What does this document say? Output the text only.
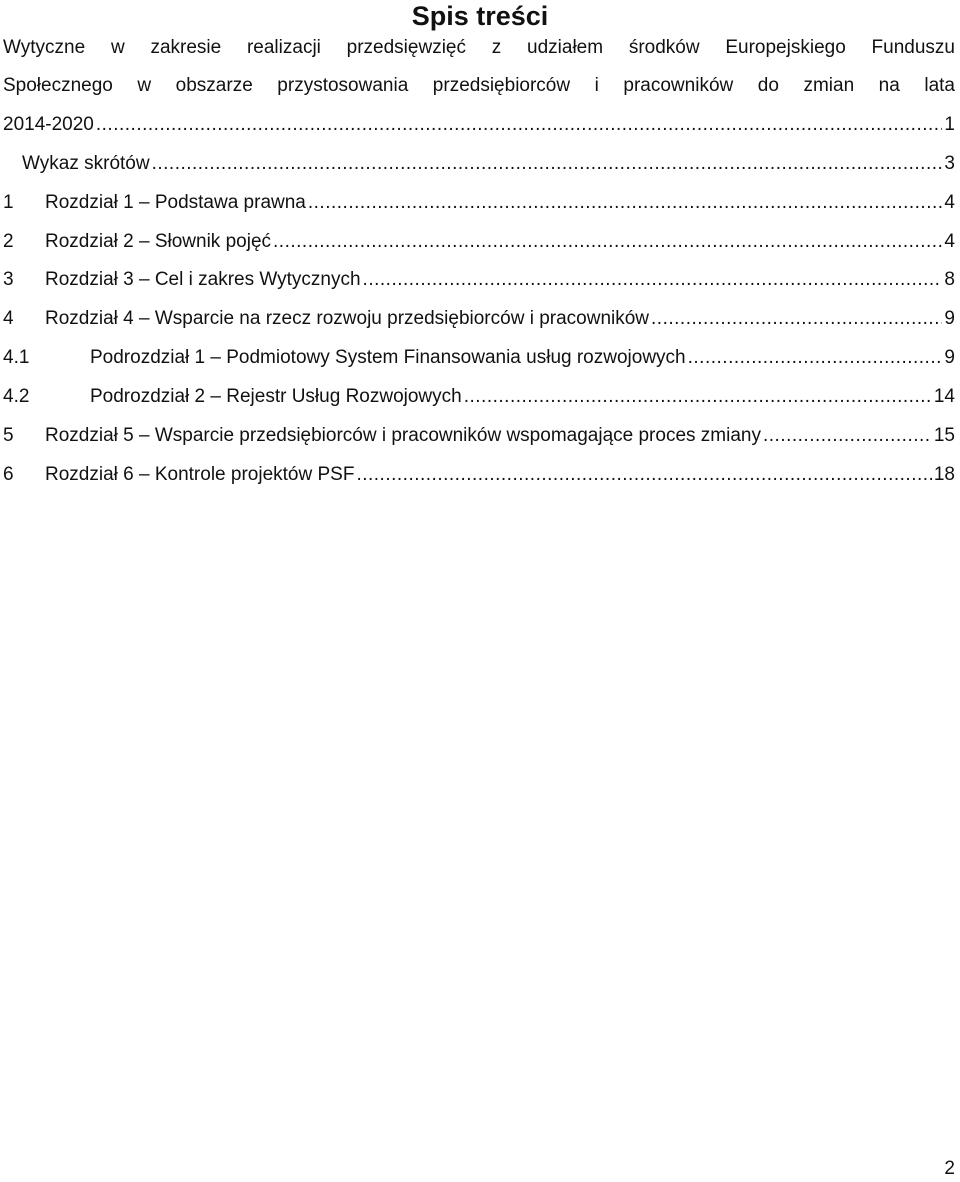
Spis treści
Wytyczne w zakresie realizacji przedsięwzięć z udziałem środków Europejskiego Funduszu
Społecznego w obszarze przystosowania przedsiębiorców i pracowników do zmian na lata
2014-2020 .....	1
Wykaz skrótów .....	3
1	Rozdział 1 – Podstawa prawna .....	4
2	Rozdział 2 – Słownik pojęć .....	4
3	Rozdział 3 – Cel i zakres Wytycznych .....	8
4	Rozdział 4 – Wsparcie na rzecz rozwoju przedsiębiorców i pracowników .....	9
4.1	Podrozdział 1 – Podmiotowy System Finansowania usług rozwojowych .....	9
4.2	Podrozdział 2 – Rejestr Usług Rozwojowych .....	14
5	Rozdział 5 – Wsparcie przedsiębiorców i pracowników wspomagające proces zmiany .....	15
6	Rozdział 6 – Kontrole projektów PSF .....	18
2
